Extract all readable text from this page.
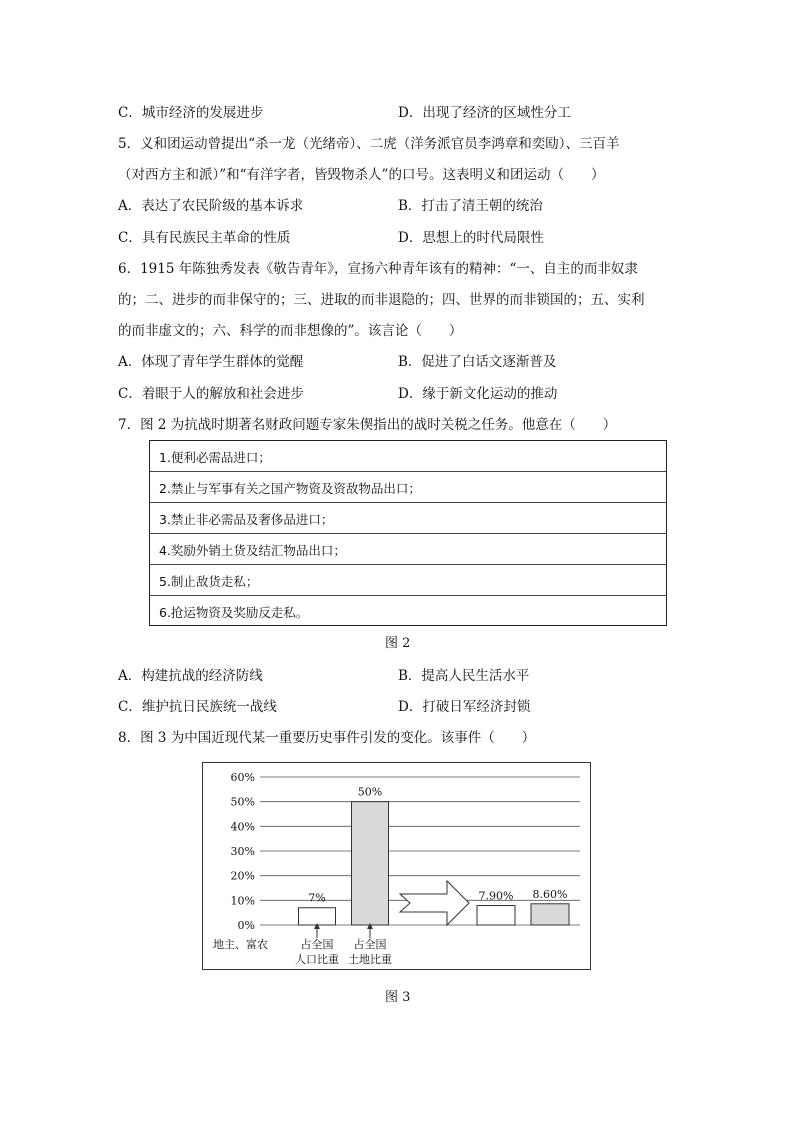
C．城市经济的发展进步	D．出现了经济的区域性分工
5．义和团运动曾提出“杀一龙（光绪帝）、二虎（洋务派官员李鸿章和奕劻）、三百羊
（对西方主和派）”和“有洋字者，皆毁物杀人”的口号。这表明义和团运动（　　）
A．表达了农民阶级的基本诉求	B．打击了清王朝的统治
C．具有民族民主革命的性质	D．思想上的时代局限性
6．1915 年陈独秀发表《敬告青年》，宣扬六种青年该有的精神：“一、自主的而非奴隶
的；二、进步的而非保守的；三、进取的而非退隐的；四、世界的而非锁国的；五、实利
的而非虚文的；六、科学的而非想像的”。该言论（　　）
A．体现了青年学生群体的觉醒	B．促进了白话文逐渐普及
C．着眼于人的解放和社会进步	D．缘于新文化运动的推动
7．图 2 为抗战时期著名财政问题专家朱偰指出的战时关税之任务。他意在（　　）
1.便利必需品进口；
2.禁止与军事有关之国产物资及资敌物品出口；
3.禁止非必需品及奢侈品进口；
4.奖励外销土货及结汇物品出口；
5.制止敌货走私；
6.抢运物资及奖励反走私。
图 2
A．构建抗战的经济防线	B．提高人民生活水平
C．维护抗日民族统一战线	D．打破日军经济封锁
8．图 3 为中国近现代某一重要历史事件引发的变化。该事件（　　）
0%
10%
20%
30%
40%
50%
60%
7%
50%
7.90% 8.60%
地主、富农	占全国
人口比重
占全国
土地比重
图 3
